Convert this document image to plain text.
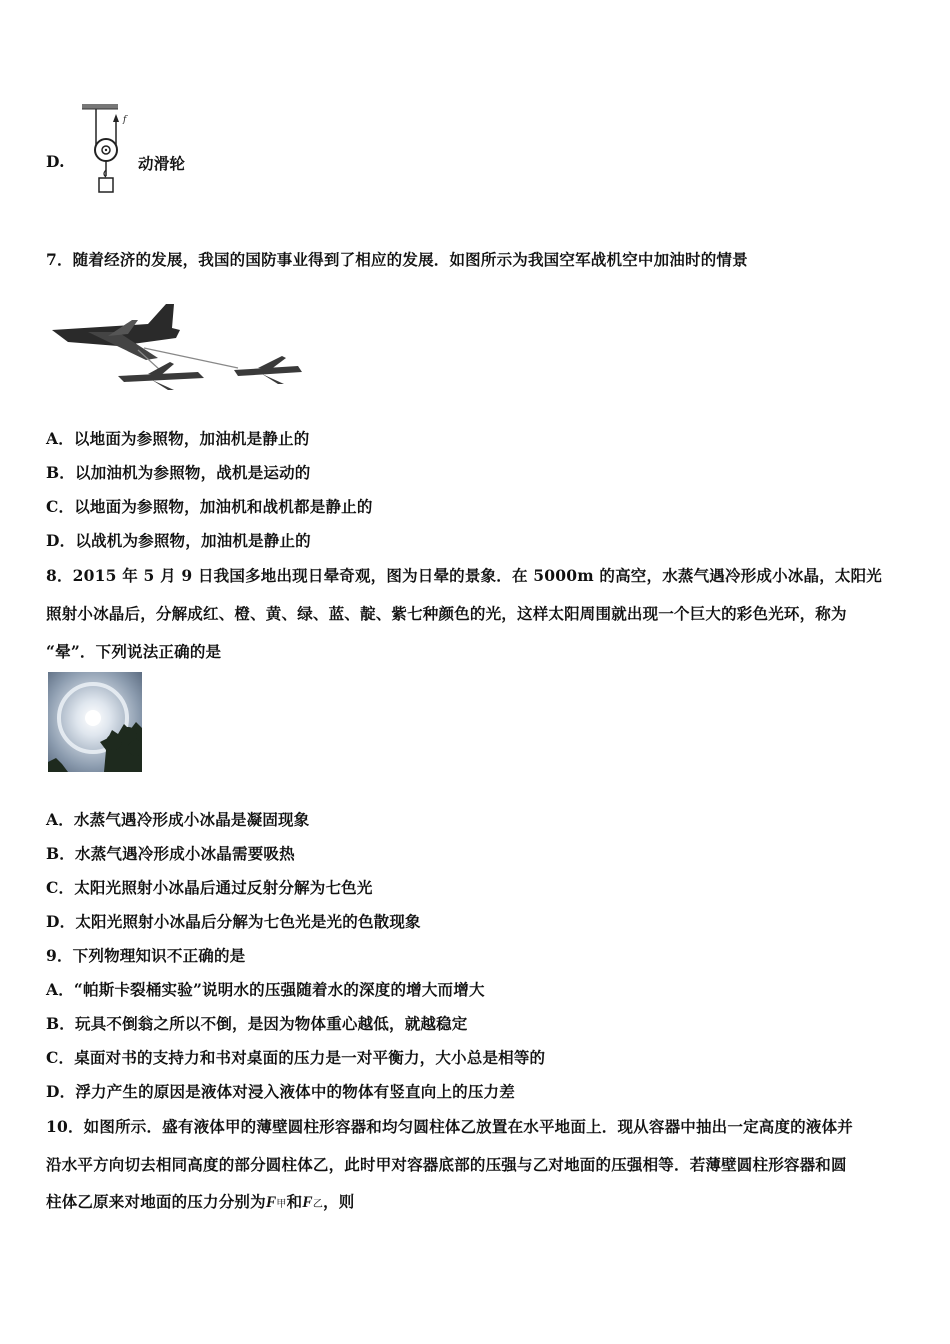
D.
f
动滑轮
7．随着经济的发展，我国的国防事业得到了相应的发展．如图所示为我国空军战机空中加油时的情景
A．以地面为参照物，加油机是静止的
B．以加油机为参照物，战机是运动的
C．以地面为参照物，加油机和战机都是静止的
D．以战机为参照物，加油机是静止的
8．2015 年 5 月 9 日我国多地出现日晕奇观，图为日晕的景象．在 5000m 的高空，水蒸气遇冷形成小冰晶，太阳光
照射小冰晶后，分解成红、橙、黄、绿、蓝、靛、紫七种颜色的光，这样太阳周围就出现一个巨大的彩色光环，称为
“晕”．下列说法正确的是
A．水蒸气遇冷形成小冰晶是凝固现象
B．水蒸气遇冷形成小冰晶需要吸热
C．太阳光照射小冰晶后通过反射分解为七色光
D．太阳光照射小冰晶后分解为七色光是光的色散现象
9．下列物理知识不正确的是
A．“帕斯卡裂桶实验”说明水的压强随着水的深度的增大而增大
B．玩具不倒翁之所以不倒，是因为物体重心越低，就越稳定
C．桌面对书的支持力和书对桌面的压力是一对平衡力，大小总是相等的
D．浮力产生的原因是液体对浸入液体中的物体有竖直向上的压力差
10．如图所示．盛有液体甲的薄壁圆柱形容器和均匀圆柱体乙放置在水平地面上．现从容器中抽出一定高度的液体并
沿水平方向切去相同高度的部分圆柱体乙，此时甲对容器底部的压强与乙对地面的压强相等．若薄壁圆柱形容器和圆
柱体乙原来对地面的压力分别为F甲和F乙，则
